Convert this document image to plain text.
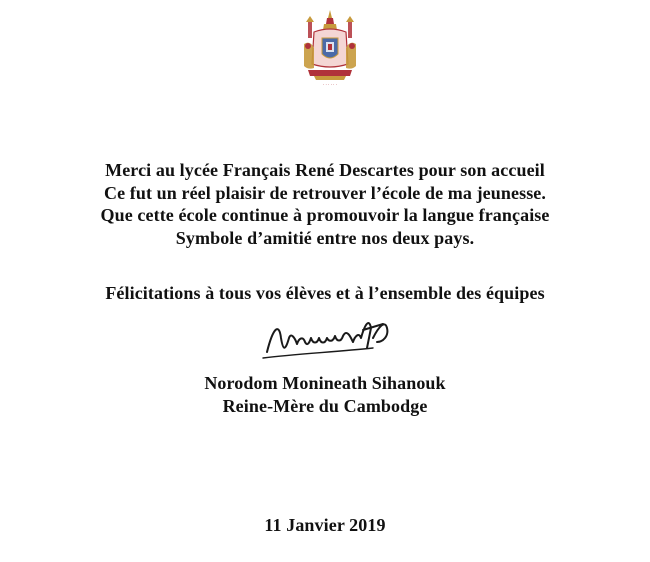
· · · · · ·
Merci au lycée Français René Descartes pour son accueil
Ce fut un réel plaisir de retrouver l’école de ma jeunesse.
Que cette école continue à promouvoir la langue française
Symbole d’amitié entre nos deux pays.
Félicitations à tous vos élèves et à l’ensemble des équipes
Norodom Monineath Sihanouk
Reine-Mère du Cambodge
11 Janvier 2019
